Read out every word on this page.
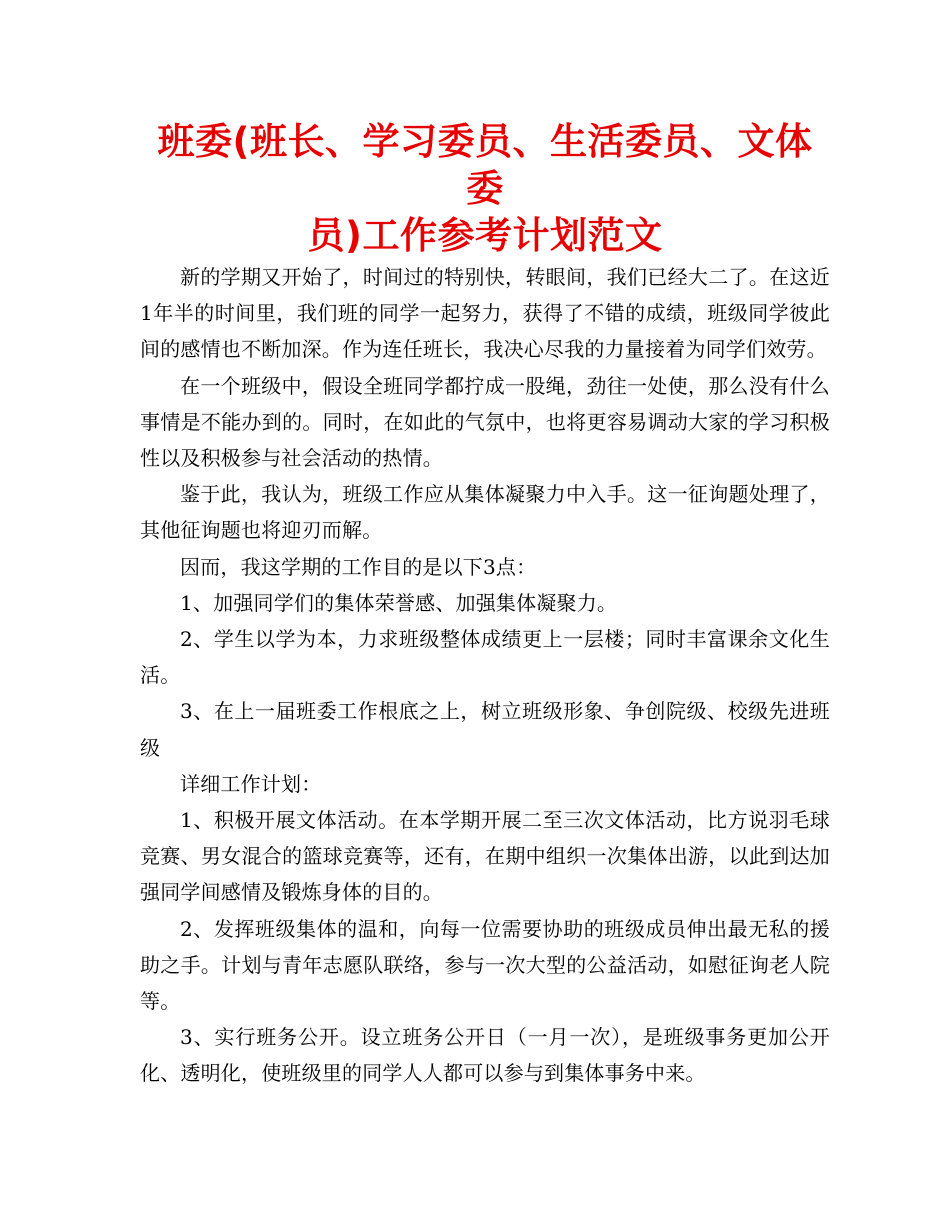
班委(班长、学习委员、生活委员、文体委
员)工作参考计划范文

新的学期又开始了，时间过的特别快，转眼间，我们已经大二了。在这近1年半的时间里，我们班的同学一起努力，获得了不错的成绩，班级同学彼此间的感情也不断加深。作为连任班长，我决心尽我的力量接着为同学们效劳。

在一个班级中，假设全班同学都拧成一股绳，劲往一处使，那么没有什么事情是不能办到的。同时，在如此的气氛中，也将更容易调动大家的学习积极性以及积极参与社会活动的热情。

鉴于此，我认为，班级工作应从集体凝聚力中入手。这一征询题处理了，其他征询题也将迎刃而解。

因而，我这学期的工作目的是以下3点：

1、加强同学们的集体荣誉感、加强集体凝聚力。

2、学生以学为本，力求班级整体成绩更上一层楼；同时丰富课余文化生活。

3、在上一届班委工作根底之上，树立班级形象、争创院级、校级先进班级

详细工作计划：

1、积极开展文体活动。在本学期开展二至三次文体活动，比方说羽毛球竞赛、男女混合的篮球竞赛等，还有，在期中组织一次集体出游，以此到达加强同学间感情及锻炼身体的目的。

2、发挥班级集体的温和，向每一位需要协助的班级成员伸出最无私的援助之手。计划与青年志愿队联络，参与一次大型的公益活动，如慰征询老人院等。

3、实行班务公开。设立班务公开日（一月一次），是班级事务更加公开化、透明化，使班级里的同学人人都可以参与到集体事务中来。
